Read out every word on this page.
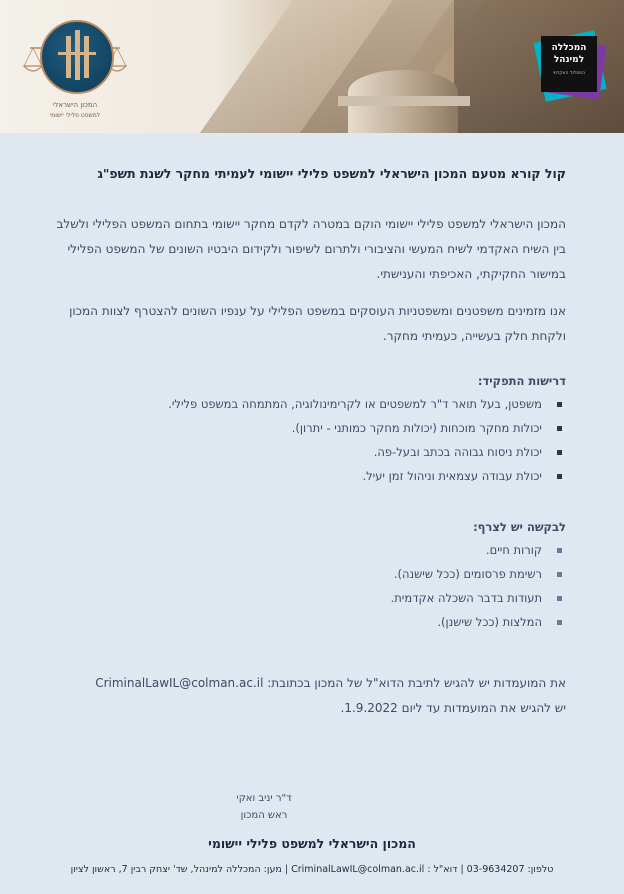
המכון הישראלי
למשפט פלילי יישומי
המכללה
למינהל
המסלול האקדמי
קול קורא מטעם המכון הישראלי למשפט פלילי יישומי לעמיתי מחקר לשנת תשפ"ג
המכון הישראלי למשפט פלילי יישומי הוקם במטרה לקדם מחקר יישומי בתחום המשפט הפלילי ולשלב בין השיח האקדמי לשיח המעשי והציבורי ולתרום לשיפור ולקידום היבטיו השונים של המשפט הפלילי במישור החקיקתי, האכיפתי והענישתי.
אנו מזמינים משפטנים ומשפטניות העוסקים במשפט הפלילי על ענפיו השונים להצטרף לצוות המכון ולקחת חלק בעשייה, כעמיתי מחקר.
דרישות התפקיד:
משפטן, בעל תואר ד"ר למשפטים או לקרימינולוגיה, המתמחה במשפט פלילי.
יכולות מחקר מוכחות (יכולות מחקר כמותני - יתרון).
יכולת ניסוח גבוהה בכתב ובעל-פה.
יכולת עבודה עצמאית וניהול זמן יעיל.
לבקשה יש לצרף:
קורות חיים.
רשימת פרסומים (ככל שישנה).
תעודות בדבר השכלה אקדמית.
המלצות (ככל שישנן).
את המועמדות יש להגיש לתיבת הדוא"ל של המכון בכתובת: CriminalLawIL@colman.ac.il
יש להגיש את המועמדות עד ליום 1.9.2022.
ד"ר יניב ואקי
ראש המכון
המכון הישראלי למשפט פלילי יישומי
טלפון: 03-9634207 | דוא"ל : CriminalLawIL@colman.ac.il | מען: המכללה למינהל, שד' יצחק רבין 7, ראשון לציון
